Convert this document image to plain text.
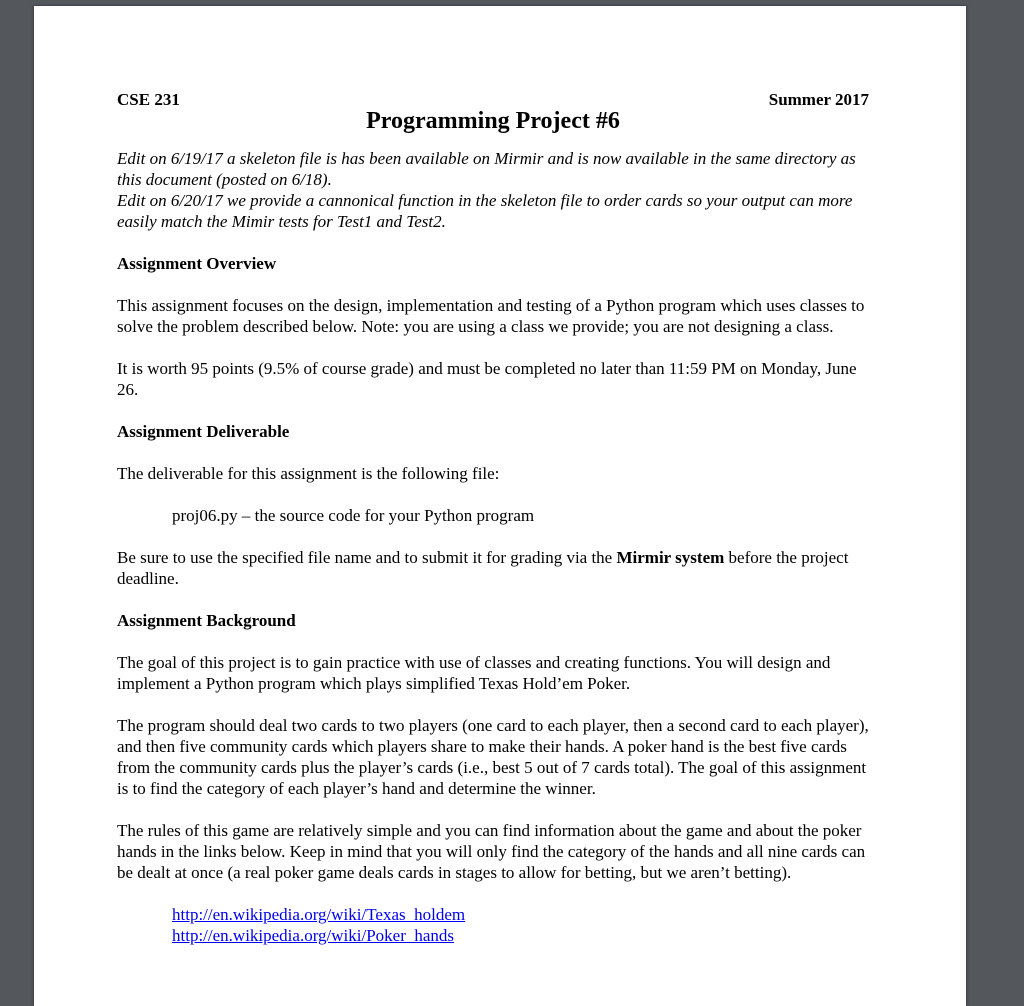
CSE 231	Summer 2017
Programming Project #6

Edit on 6/19/17 a skeleton file is has been available on Mirmir and is now available in the same directory as this document (posted on 6/18).

Edit on 6/20/17 we provide a cannonical function in the skeleton file to order cards so your output can more easily match the Mimir tests for Test1 and Test2.

Assignment Overview

This assignment focuses on the design, implementation and testing of a Python program which uses classes to solve the problem described below. Note: you are using a class we provide; you are not designing a class.

It is worth 95 points (9.5% of course grade) and must be completed no later than 11:59 PM on Monday, June 26.

Assignment Deliverable

The deliverable for this assignment is the following file:

proj06.py – the source code for your Python program

Be sure to use the specified file name and to submit it for grading via the Mirmir system before the project deadline.

Assignment Background

The goal of this project is to gain practice with use of classes and creating functions. You will design and implement a Python program which plays simplified Texas Hold’em Poker.

The program should deal two cards to two players (one card to each player, then a second card to each player), and then five community cards which players share to make their hands. A poker hand is the best five cards from the community cards plus the player’s cards (i.e., best 5 out of 7 cards total). The goal of this assignment is to find the category of each player’s hand and determine the winner.

The rules of this game are relatively simple and you can find information about the game and about the poker hands in the links below. Keep in mind that you will only find the category of the hands and all nine cards can be dealt at once (a real poker game deals cards in stages to allow for betting, but we aren’t betting).

http://en.wikipedia.org/wiki/Texas_holdem
http://en.wikipedia.org/wiki/Poker_hands
